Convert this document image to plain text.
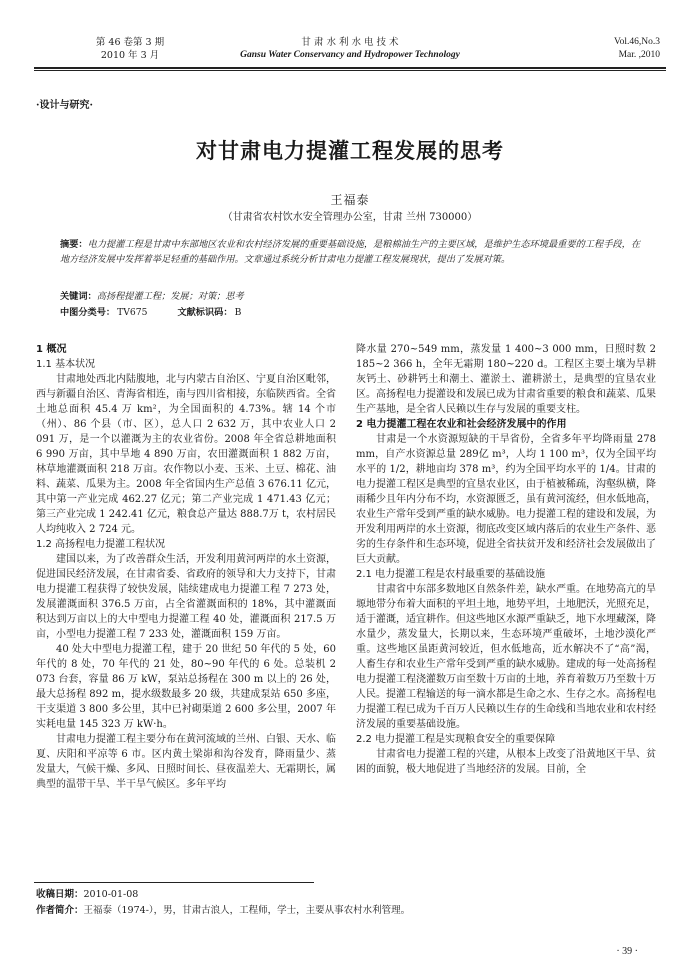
第 46 卷第 3 期
2010 年 3 月
甘 肃 水 利 水 电 技 术
Gansu Water Conservancy and Hydropower Technology
Vol.46,No.3
Mar. ,2010
·设计与研究·
对甘肃电力提灌工程发展的思考
王福泰
（甘肃省农村饮水安全管理办公室，甘肃 兰州 730000）
摘要：电力提灌工程是甘肃中东部地区农业和农村经济发展的重要基础设施，是粮棉油生产的主要区域，是维护生态环境最重要的工程手段，在地方经济发展中发挥着举足轻重的基础作用。文章通过系统分析甘肃电力提灌工程发展现状，提出了发展对策。
关键词：高扬程提灌工程；发展；对策；思考
中图分类号： TV675	文献标识码： B
1 概况
1.1 基本状况
甘肃地处西北内陆腹地，北与内蒙古自治区、宁夏自治区毗邻，西与新疆自治区、青海省相连，南与四川省相接，东临陕西省。全省土地总面积 45.4 万 km²，为全国面积的 4.73%。辖 14 个市（州）、86 个县（市、区），总人口 2 632 万，其中农业人口 2 091 万，是一个以灌溉为主的农业省份。2008 年全省总耕地面积 6 990 万亩，其中旱地 4 890 万亩，农田灌溉面积 1 882 万亩，林草地灌溉面积 218 万亩。农作物以小麦、玉米、土豆、棉花、油料、蔬菜、瓜果为主。2008 年全省国内生产总值 3 676.11 亿元，其中第一产业完成 462.27 亿元；第二产业完成 1 471.43 亿元；第三产业完成 1 242.41 亿元，粮食总产量达 888.7万 t，农村居民人均纯收入 2 724 元。
1.2 高扬程电力提灌工程状况
建国以来，为了改善群众生活，开发利用黄河两岸的水土资源，促进国民经济发展，在甘肃省委、省政府的领导和大力支持下，甘肃电力提灌工程获得了较快发展，陆续建成电力提灌工程 7 273 处，发展灌溉面积 376.5 万亩，占全省灌溉面积的 18%，其中灌溉面积达到万亩以上的大中型电力提灌工程 40 处，灌溉面积 217.5 万亩，小型电力提灌工程 7 233 处，灌溉面积 159 万亩。
40 处大中型电力提灌工程，建于 20 世纪 50 年代的 5 处，60 年代的 8 处，70 年代的 21 处，80~90 年代的 6 处。总装机 2 073 台套，容量 86 万 kW，泵站总扬程在 300 m 以上的 26 处，最大总扬程 892 m，提水级数最多 20 级，共建成泵站 650 多座，干支渠道 3 800 多公里，其中已衬砌渠道 2 600 多公里，2007 年实耗电量 145 323 万 kW·h。
甘肃电力提灌工程主要分布在黄河流域的兰州、白银、天水、临夏、庆阳和平凉等 6 市。区内黄土梁峁和沟谷发育，降雨量少、蒸发量大，气候干燥、多风、日照时间长、昼夜温差大、无霜期长，属典型的温带干旱、半干旱气候区。多年平均
降水量 270~549 mm，蒸发量 1 400~3 000 mm，日照时数 2 185~2 366 h，全年无霜期 180~220 d。工程区主要土壤为旱耕灰钙土、砂耕钙土和潮土、灌淤土、灌耕淤土，是典型的宜垦农业区。高扬程电力提灌设和发展已成为甘肃省重要的粮食和蔬菜、瓜果生产基地，是全省人民赖以生存与发展的重要支柱。
2 电力提灌工程在农业和社会经济发展中的作用
甘肃是一个水资源短缺的干旱省份，全省多年平均降雨量 278 mm，自产水资源总量 289亿 m³，人均 1 100 m³，仅为全国平均水平的 1/2，耕地亩均 378 m³，约为全国平均水平的 1/4。甘肃的电力提灌工程区是典型的宜垦农业区，由于植被稀疏，沟壑纵横，降雨稀少且年内分布不均，水资源匮乏，虽有黄河流经，但水低地高，农业生产常年受到严重的缺水威胁。电力提灌工程的建设和发展，为开发利用两岸的水土资源，彻底改变区域内落后的农业生产条件、恶劣的生存条件和生态环境，促进全省扶贫开发和经济社会发展做出了巨大贡献。
2.1 电力提灌工程是农村最重要的基础设施
甘肃省中东部多数地区自然条件差，缺水严重。在地势高亢的旱塬地带分布着大面积的平坦土地，地势平坦，土地肥沃，光照充足，适于灌溉，适宜耕作。但这些地区水源严重缺乏，地下水埋藏深，降水量少，蒸发量大，长期以来，生态环境严重破坏，土地沙漠化严重。这些地区虽距黄河较近，但水低地高，近水解决不了“高”渴，人畜生存和农业生产常年受到严重的缺水威胁。建成的每一处高扬程电力提灌工程浇灌数万亩至数十万亩的土地，养育着数万乃至数十万人民。提灌工程输送的每一滴水都是生命之水、生存之水。高扬程电力提灌工程已成为千百万人民赖以生存的生命线和当地农业和农村经济发展的重要基础设施。
2.2 电力提灌工程是实现粮食安全的重要保障
甘肃省电力提灌工程的兴建，从根本上改变了沿黄地区干旱、贫困的面貌，极大地促进了当地经济的发展。目前，全
收稿日期：2010-01-08
作者简介：王福泰（1974-），男，甘肃古浪人，工程师，学士，主要从事农村水利管理。
· 39 ·
